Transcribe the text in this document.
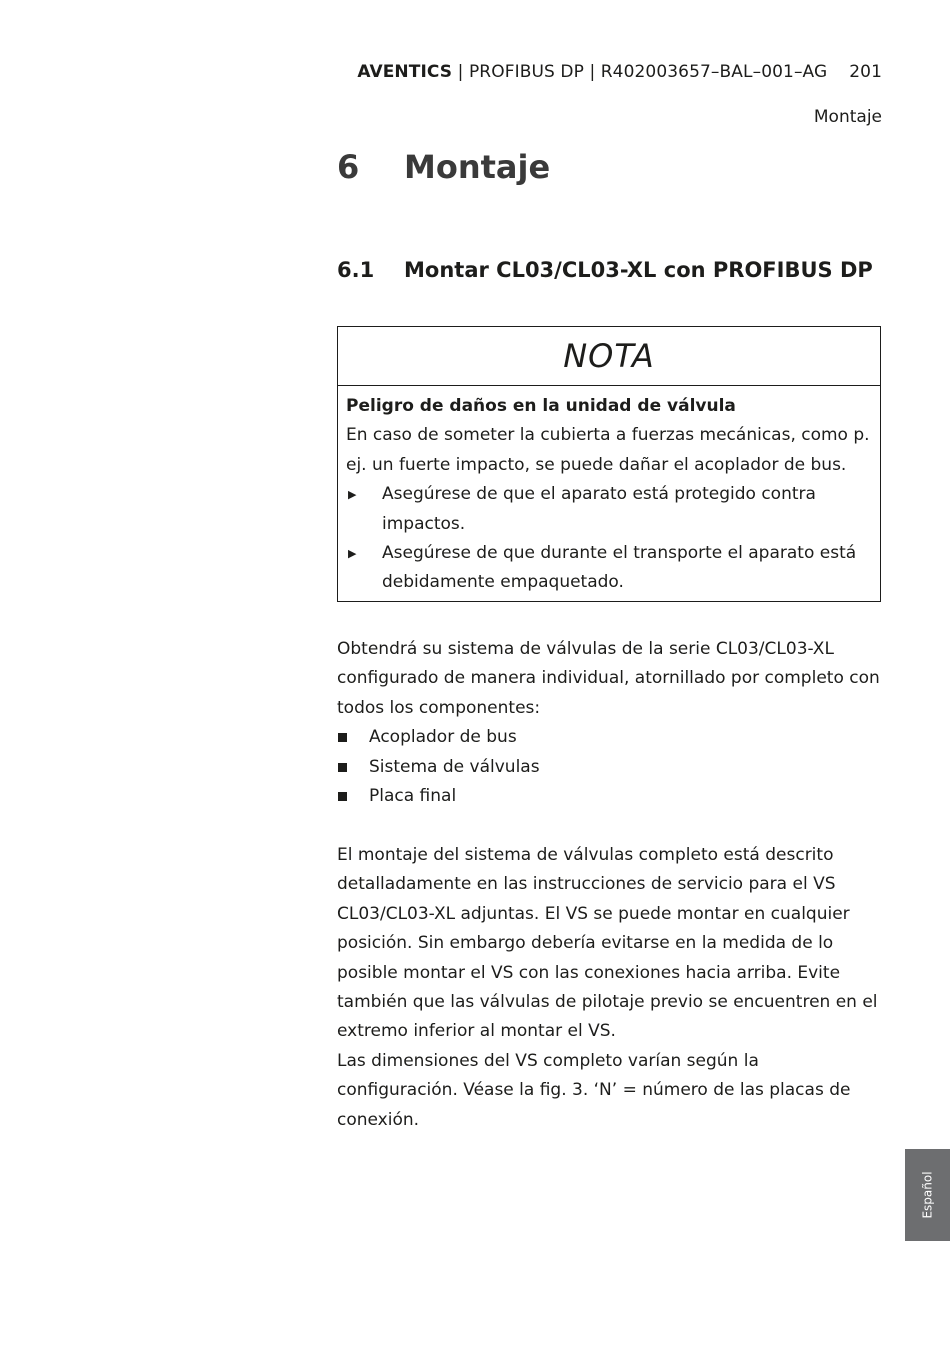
AVENTICS | PROFIBUS DP | R402003657–BAL–001–AG 201
Montaje
6 Montaje
6.1 Montar CL03/CL03-XL con PROFIBUS DP
NOTA
Peligro de daños en la unidad de válvula
En caso de someter la cubierta a fuerzas mecánicas, como p. ej. un fuerte impacto, se puede dañar el acoplador de bus.
▶ Asegúrese de que el aparato está protegido contra impactos.
▶ Asegúrese de que durante el transporte el aparato está debidamente empaquetado.
Obtendrá su sistema de válvulas de la serie CL03/CL03-XL configurado de manera individual, atornillado por completo con todos los componentes:
Acoplador de bus
Sistema de válvulas
Placa final
El montaje del sistema de válvulas completo está descrito detalladamente en las instrucciones de servicio para el VS CL03/CL03-XL adjuntas. El VS se puede montar en cualquier posición. Sin embargo debería evitarse en la medida de lo posible montar el VS con las conexiones hacia arriba. Evite también que las válvulas de pilotaje previo se encuentren en el extremo inferior al montar el VS.
Las dimensiones del VS completo varían según la configuración. Véase la fig. 3. ‘N’ = número de las placas de conexión.
Español
